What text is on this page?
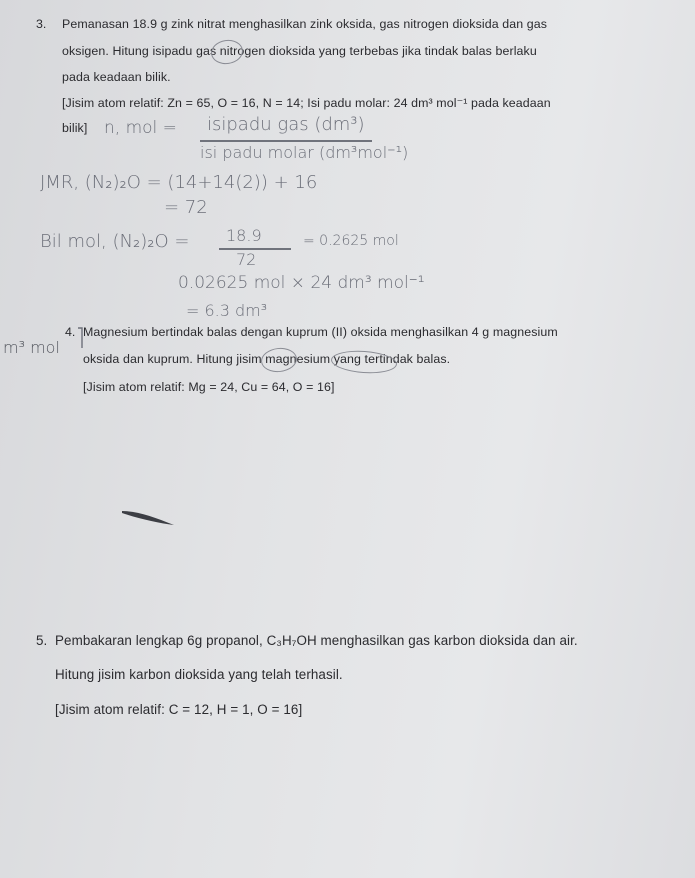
3. Pemanasan 18.9 g zink nitrat menghasilkan zink oksida, gas nitrogen dioksida dan gas
oksigen. Hitung isipadu gas nitrogen dioksida yang terbebas jika tindak balas berlaku
pada keadaan bilik.
[Jisim atom relatif: Zn = 65, O = 16, N = 14; Isi padu molar: 24 dm³ mol⁻¹ pada keadaan
bilik] n, mol = isipadu gas (dm³)
isi padu molar (dm³mol⁻¹)
JMR, (N₂)₂O = (14+14(2)) + 16
= 72
Bil mol, (N₂)₂O = 18.9
72
= 0.2625 mol
0.02625 mol × 24 dm³ mol⁻¹
= 6.3 dm³
4. Magnesium bertindak balas dengan kuprum (II) oksida menghasilkan 4 g magnesium
oksida dan kuprum. Hitung jisim magnesium yang tertindak balas.
[Jisim atom relatif: Mg = 24, Cu = 64, O = 16]
m³ mol

5. Pembakaran lengkap 6g propanol, C₃H₇OH menghasilkan gas karbon dioksida dan air.
Hitung jisim karbon dioksida yang telah terhasil.
[Jisim atom relatif: C = 12, H = 1, O = 16]
